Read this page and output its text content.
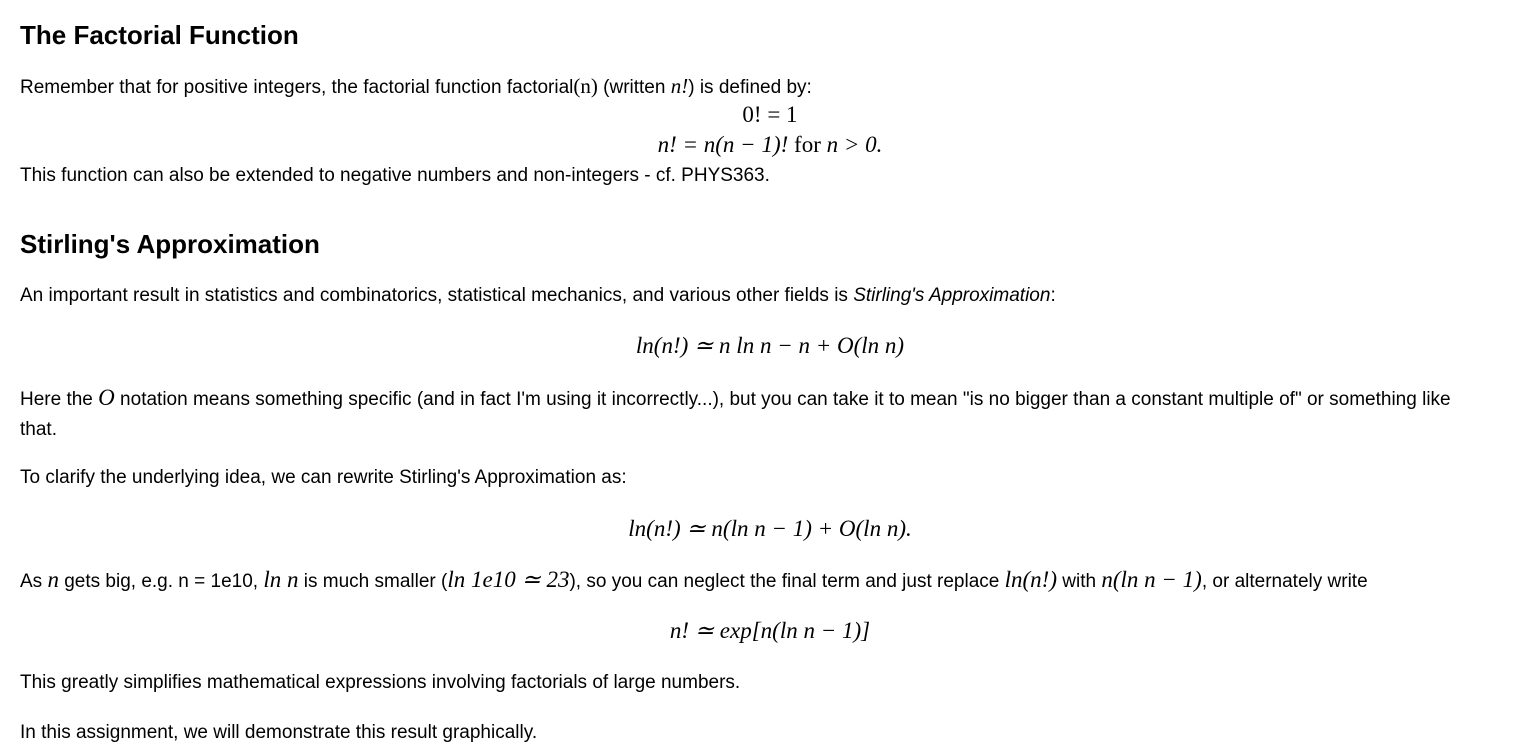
The Factorial Function
Remember that for positive integers, the factorial function factorial(n) (written n!) is defined by:
0! = 1
n! = n(n − 1)! for n > 0.
This function can also be extended to negative numbers and non-integers - cf. PHYS363.
Stirling's Approximation
An important result in statistics and combinatorics, statistical mechanics, and various other fields is Stirling's Approximation:
ln(n!) ≃ n ln n − n + O(ln n)
Here the O notation means something specific (and in fact I'm using it incorrectly...), but you can take it to mean "is no bigger than a constant multiple of" or something like that.
To clarify the underlying idea, we can rewrite Stirling's Approximation as:
ln(n!) ≃ n(ln n − 1) + O(ln n).
As n gets big, e.g. n = 1e10, ln n is much smaller (ln 1e10 ≃ 23), so you can neglect the final term and just replace ln(n!) with n(ln n − 1), or alternately write
n! ≃ exp[n(ln n − 1)]
This greatly simplifies mathematical expressions involving factorials of large numbers.
In this assignment, we will demonstrate this result graphically.
